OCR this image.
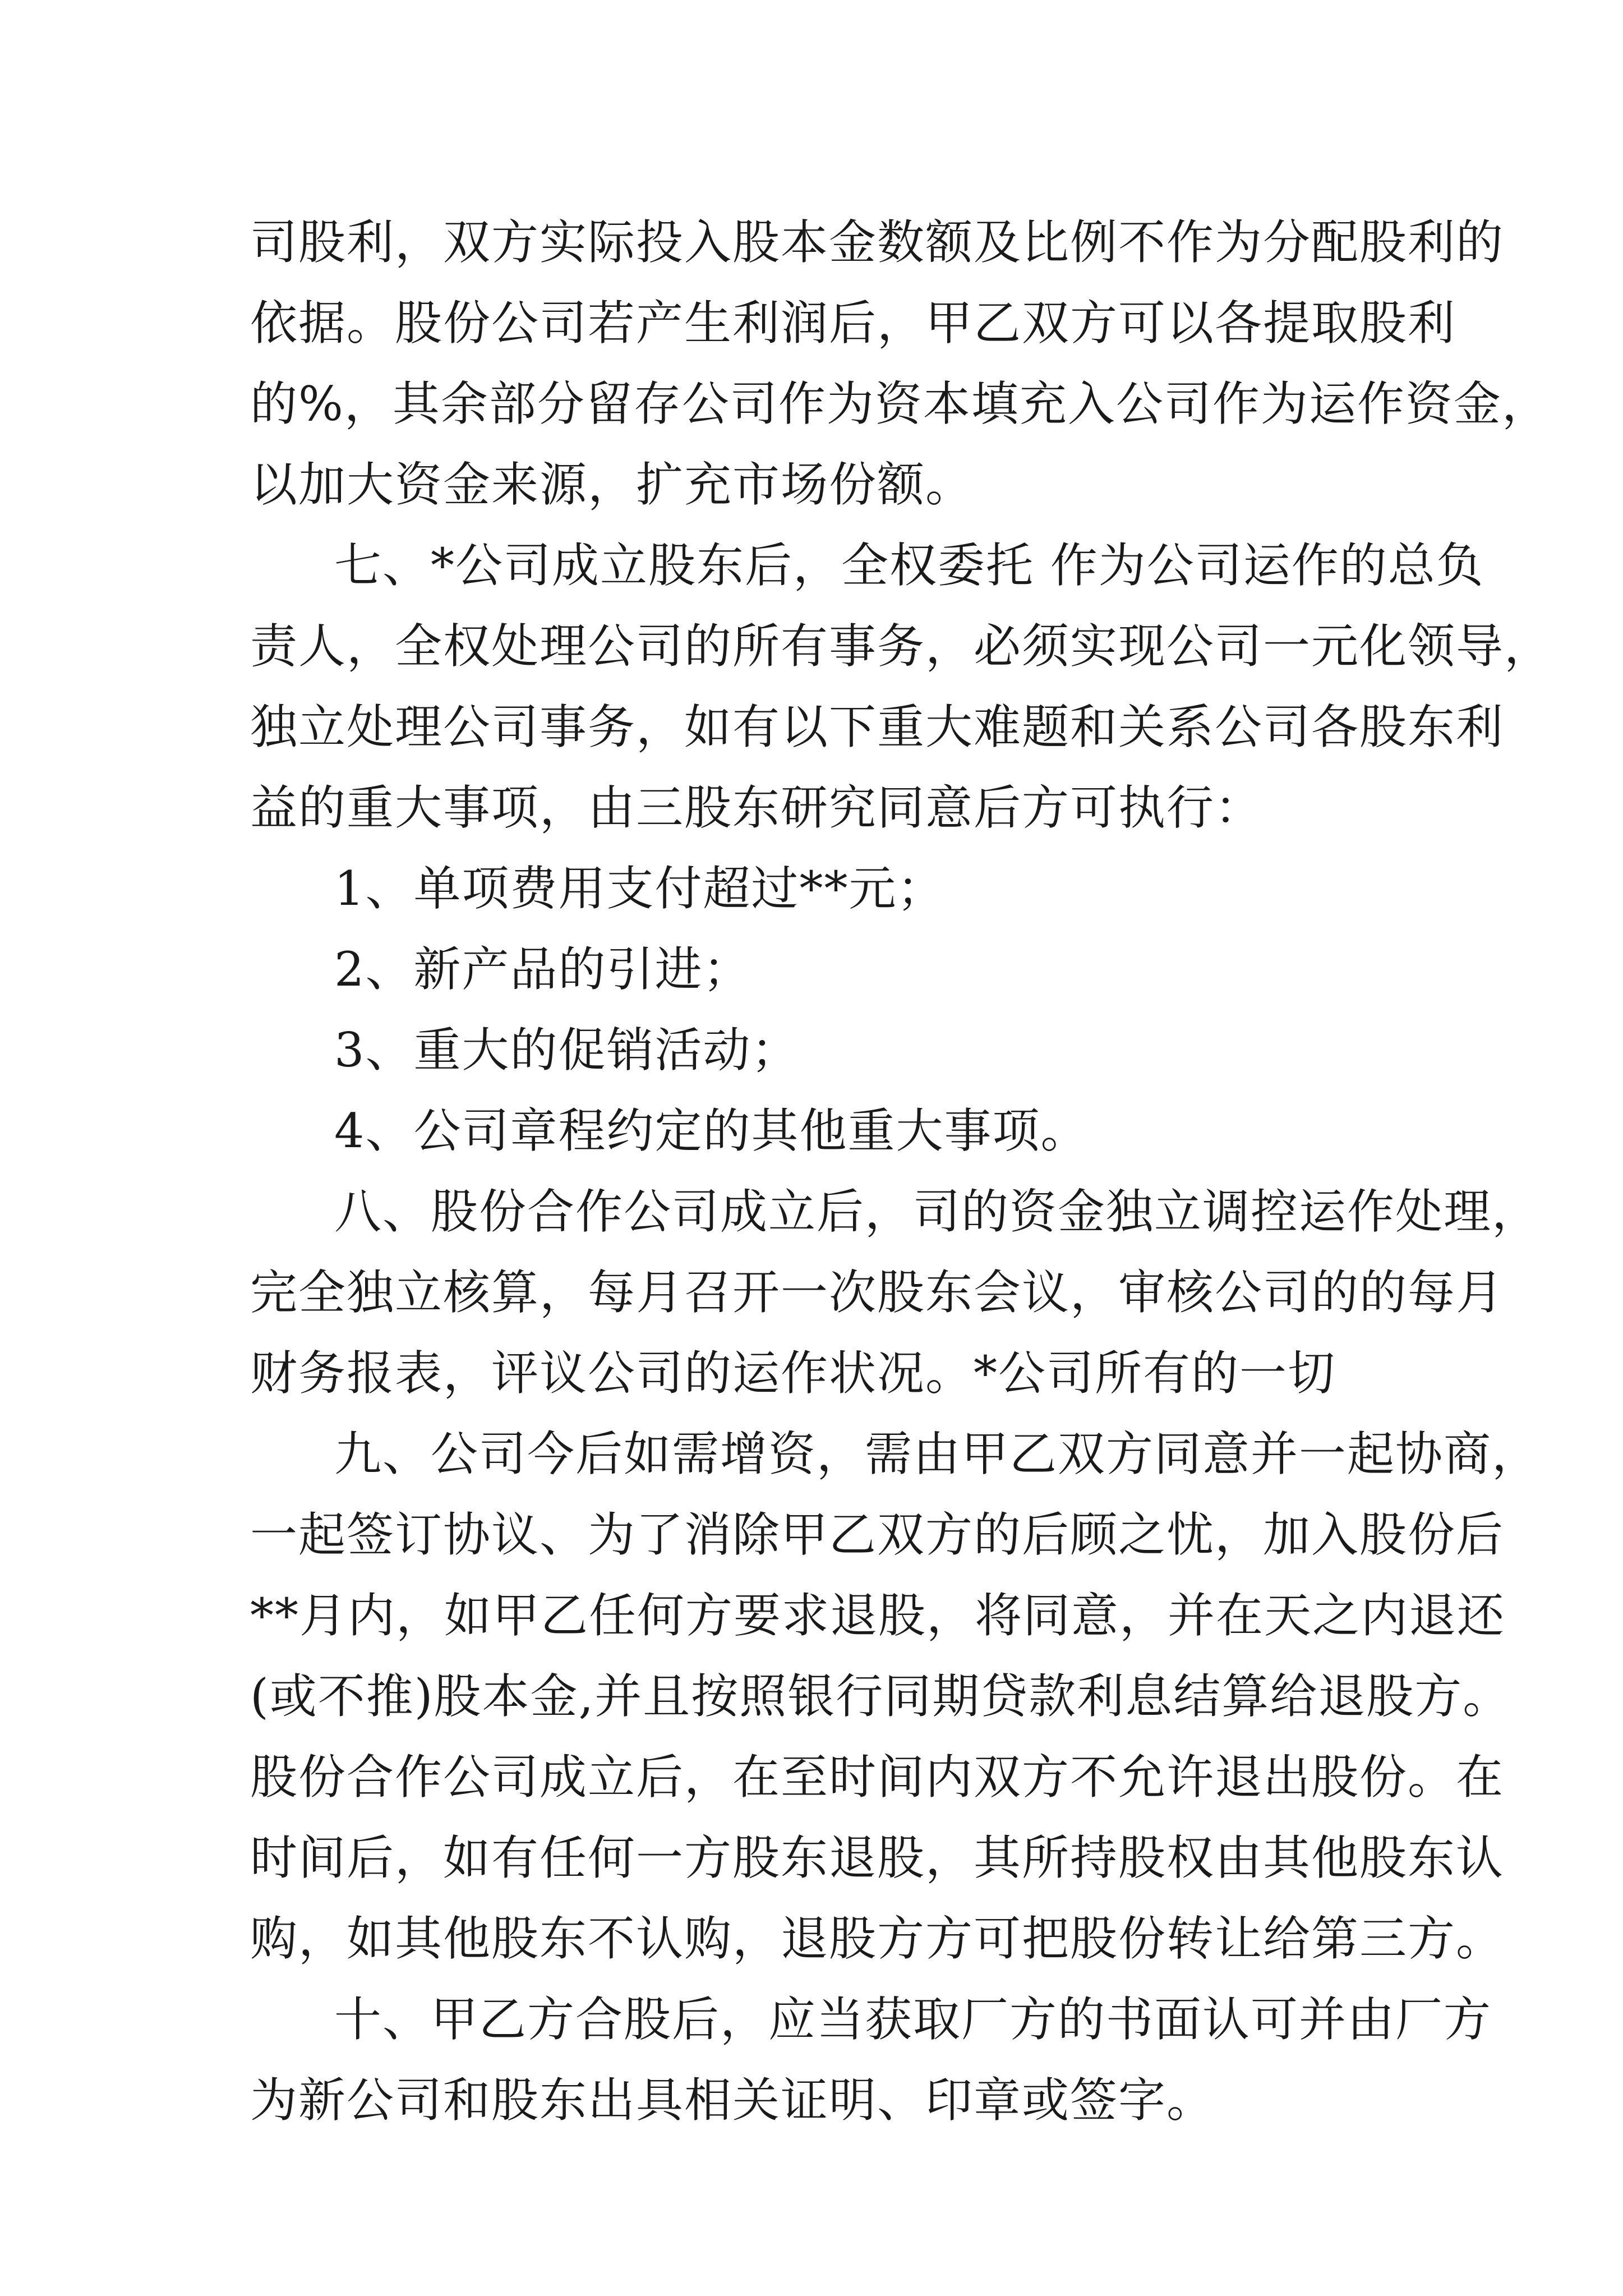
司股利，双方实际投入股本金数额及比例不作为分配股利的
依据。股份公司若产生利润后，甲乙双方可以各提取股利
的%，其余部分留存公司作为资本填充入公司作为运作资金，
以加大资金来源，扩充市场份额。
七、*公司成立股东后，全权委托 作为公司运作的总负
责人，全权处理公司的所有事务，必须实现公司一元化领导，
独立处理公司事务，如有以下重大难题和关系公司各股东利
益的重大事项，由三股东研究同意后方可执行：
1、单项费用支付超过**元；
2、新产品的引进；
3、重大的促销活动；
4、公司章程约定的其他重大事项。
八、股份合作公司成立后，司的资金独立调控运作处理，
完全独立核算，每月召开一次股东会议，审核公司的的每月
财务报表，评议公司的运作状况。*公司所有的一切
九、公司今后如需增资，需由甲乙双方同意并一起协商，
一起签订协议、为了消除甲乙双方的后顾之忧，加入股份后
**月内，如甲乙任何方要求退股，将同意，并在天之内退还
(或不推)股本金,并且按照银行同期贷款利息结算给退股方。
股份合作公司成立后，在至时间内双方不允许退出股份。在
时间后，如有任何一方股东退股，其所持股权由其他股东认
购，如其他股东不认购，退股方方可把股份转让给第三方。
十、甲乙方合股后，应当获取厂方的书面认可并由厂方
为新公司和股东出具相关证明、印章或签字。
